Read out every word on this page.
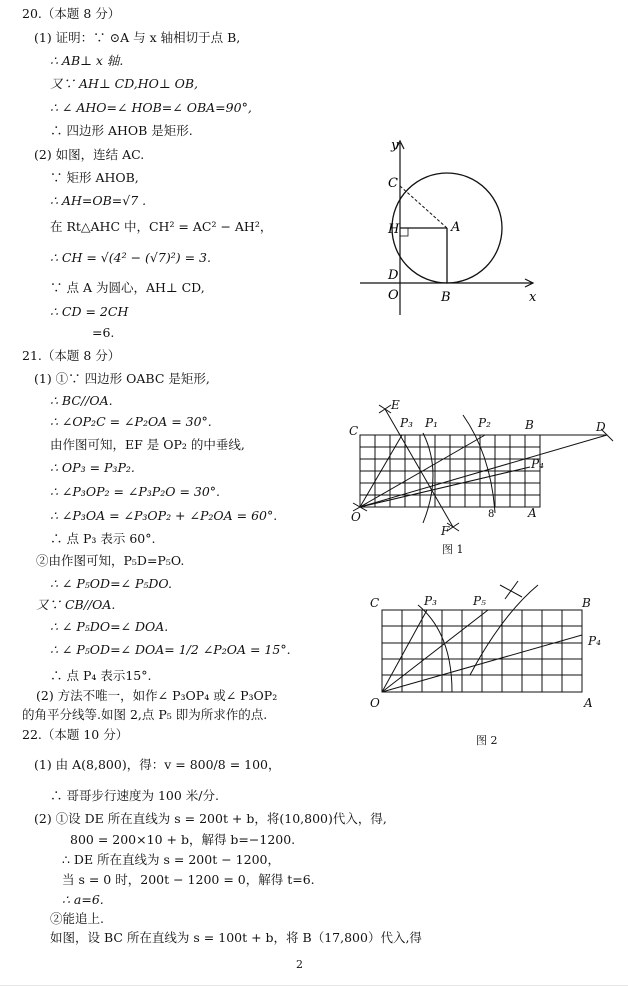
20.（本题 8 分）
(1) 证明：∵ ⊙A 与 x 轴相切于点 B,
∴ AB⊥ x 轴.
又∵ AH⊥ CD,HO⊥ OB,
∴ ∠ AHO=∠ HOB=∠ OBA=90°,
∴ 四边形 AHOB 是矩形.
(2) 如图，连结 AC.
∵ 矩形 AHOB,
∴ AH=OB=√7 .
在 Rt△AHC 中，CH² = AC² − AH²，
∴ CH = √(4² − (√7)²) = 3.
∵ 点 A 为圆心，AH⊥ CD,
∴ CD = 2CH
=6.
y
x
C
H	A
D
O	B
21.（本题 8 分）
(1) ①∵ 四边形 OABC 是矩形,
∴ BC//OA.
∴ ∠OP₂C = ∠P₂OA = 30°.
由作图可知，EF 是 OP₂ 的中垂线,
∴ OP₃ = P₃P₂.
∴ ∠P₃OP₂ = ∠P₃P₂O = 30°.
∴ ∠P₃OA = ∠P₃OP₂ + ∠P₂OA = 60°.
∴ 点 P₃ 表示 60°.
②由作图可知，P₅D=P₅O.
∴ ∠ P₅OD=∠ P₅DO.
又∵ CB//OA.
∴ ∠ P₅DO=∠ DOA.
∴ ∠ P₅OD=∠ DOA= 1/2 ∠P₂OA = 15°.
∴ 点 P₄ 表示15°.
(2) 方法不唯一，如作∠ P₃OP₄ 或∠ P₃OP₂
的角平分线等.如图 2,点 P₅ 即为所求作的点.
E
P₃ P₁	P₂	B	D
C
P₄
O
F
8	A
图 1
C	P₃	P₅	B
P₄
O	A
图 2
22.（本题 10 分）
(1) 由 A(8,800)，得：v = 800/8 = 100，
∴ 哥哥步行速度为 100 米/分.
(2) ①设 DE 所在直线为 s = 200t + b，将(10,800)代入，得,
800 = 200×10 + b，解得 b=−1200.
∴ DE 所在直线为 s = 200t − 1200，
当 s = 0 时，200t − 1200 = 0，解得 t=6.
∴ a=6.
②能追上.
如图，设 BC 所在直线为 s = 100t + b，将 B（17,800）代入,得
2
